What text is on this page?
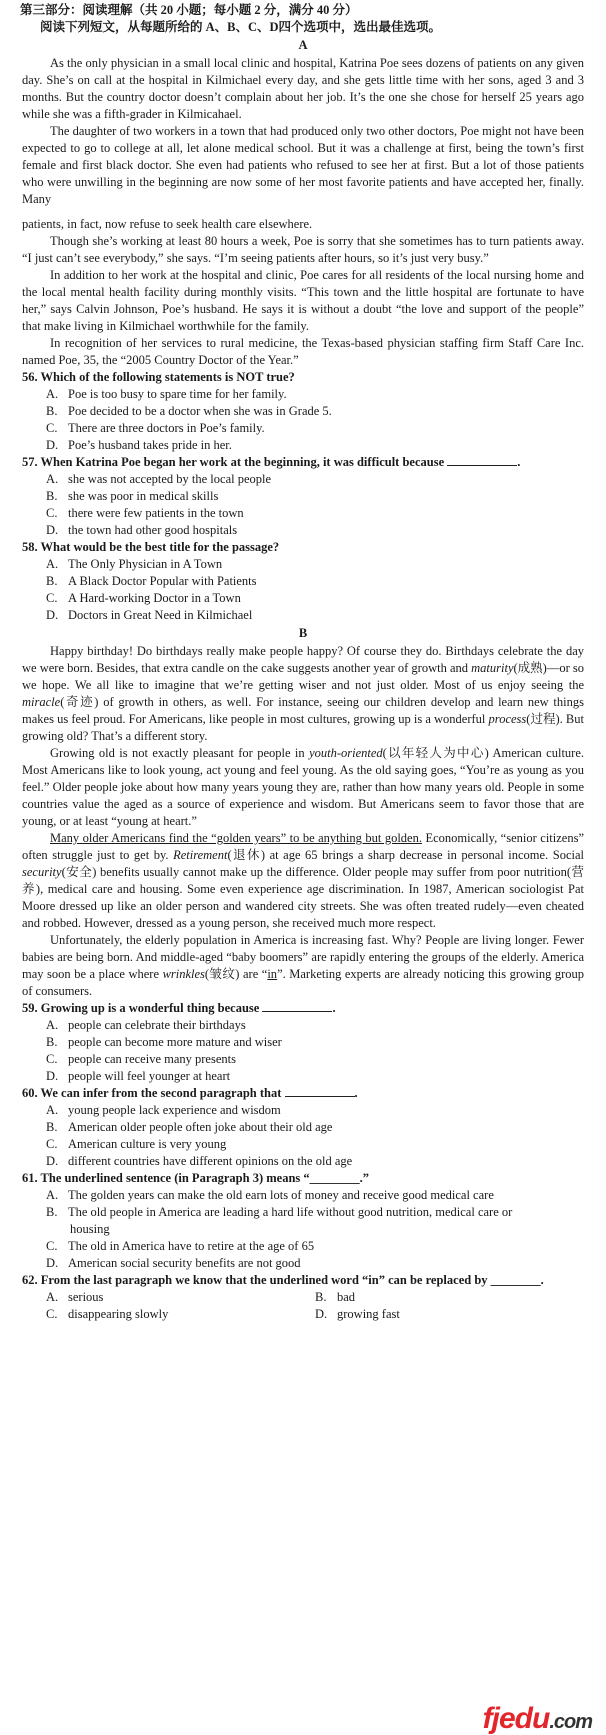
第三部分：阅读理解（共 20 小题；每小题 2 分，满分 40 分）
阅读下列短文，从每题所给的 A、B、C、D四个选项中，选出最佳选项。
A

As the only physician in a small local clinic and hospital, Katrina Poe sees dozens of patients on any given day. She’s on call at the hospital in Kilmichael every day, and she gets little time with her sons, aged 3 and 3 months. But the country doctor doesn’t complain about her job. It’s the one she chose for herself 25 years ago while she was a fifth-grader in Kilmicahael.

The daughter of two workers in a town that had produced only two other doctors, Poe might not have been expected to go to college at all, let alone medical school. But it was a challenge at first, being the town’s first female and first black doctor. She even had patients who refused to see her at first. But a lot of those patients who were unwilling in the beginning are now some of her most favorite patients and have accepted her, finally. Many

patients, in fact, now refuse to seek health care elsewhere.

Though she’s working at least 80 hours a week, Poe is sorry that she sometimes has to turn patients away. “I just can’t see everybody,” she says. “I’m seeing patients after hours, so it’s just very busy.”

In addition to her work at the hospital and clinic, Poe cares for all residents of the local nursing home and the local mental health facility during monthly visits. “This town and the little hospital are fortunate to have her,” says Calvin Johnson, Poe’s husband. He says it is without a doubt “the love and support of the people” that make living in Kilmichael worthwhile for the family.

In recognition of her services to rural medicine, the Texas-based physician staffing firm Staff Care Inc. named Poe, 35, the “2005 Country Doctor of the Year.”

56. Which of the following statements is NOT true?
A. Poe is too busy to spare time for her family.
B. Poe decided to be a doctor when she was in Grade 5.
C. There are three doctors in Poe’s family.
D. Poe’s husband takes pride in her.
57. When Katrina Poe began her work at the beginning, it was difficult because	.
A. she was not accepted by the local people
B. she was poor in medical skills
C. there were few patients in the town
D. the town had other good hospitals
58. What would be the best title for the passage?
A. The Only Physician in A Town
B. A Black Doctor Popular with Patients
C. A Hard-working Doctor in a Town
D. Doctors in Great Need in Kilmichael
B

Happy birthday! Do birthdays really make people happy? Of course they do. Birthdays celebrate the day we were born. Besides, that extra candle on the cake suggests another year of growth and maturity(成熟)—or so we hope. We all like to imagine that we’re getting wiser and not just older. Most of us enjoy seeing the miracle(奇迹) of growth in others, as well. For instance, seeing our children develop and learn new things makes us feel proud. For Americans, like people in most cultures, growing up is a wonderful process(过程). But growing old? That’s a different story.

Growing old is not exactly pleasant for people in youth-oriented(以年轻人为中心) American culture. Most Americans like to look young, act young and feel young. As the old saying goes, “You’re as young as you feel.” Older people joke about how many years young they are, rather than how many years old. People in some countries value the aged as a source of experience and wisdom. But Americans seem to favor those that are young, or at least “young at heart.”

Many older Americans find the “golden years” to be anything but golden. Economically, “senior citizens” often struggle just to get by. Retirement(退休) at age 65 brings a sharp decrease in personal income. Social security(安全) benefits usually cannot make up the difference. Older people may suffer from poor nutrition(营养), medical care and housing. Some even experience age discrimination. In 1987, American sociologist Pat Moore dressed up like an older person and wandered city streets. She was often treated rudely—even cheated and robbed. However, dressed as a young person, she received much more respect.

Unfortunately, the elderly population in America is increasing fast. Why? People are living longer. Fewer babies are being born. And middle-aged “baby boomers” are rapidly entering the groups of the elderly. America may soon be a place where wrinkles(皱纹) are “in”. Marketing experts are already noticing this growing group of consumers.

59. Growing up is a wonderful thing because	.
A. people can celebrate their birthdays
B. people can become more mature and wiser
C. people can receive many presents
D. people will feel younger at heart
60. We can infer from the second paragraph that	.
A. young people lack experience and wisdom
B. American older people often joke about their old age
C. American culture is very young
D. different countries have different opinions on the old age
61. The underlined sentence (in Paragraph 3) means “________.”
A. The golden years can make the old earn lots of money and receive good medical care
B. The old people in America are leading a hard life without good nutrition, medical care or
housing
C. The old in America have to retire at the age of 65
D. American social security benefits are not good
62. From the last paragraph we know that the underlined word “in” can be replaced by ________.
A. serious	B. bad
C. disappearing slowly	D. growing fast
fjedu.com
